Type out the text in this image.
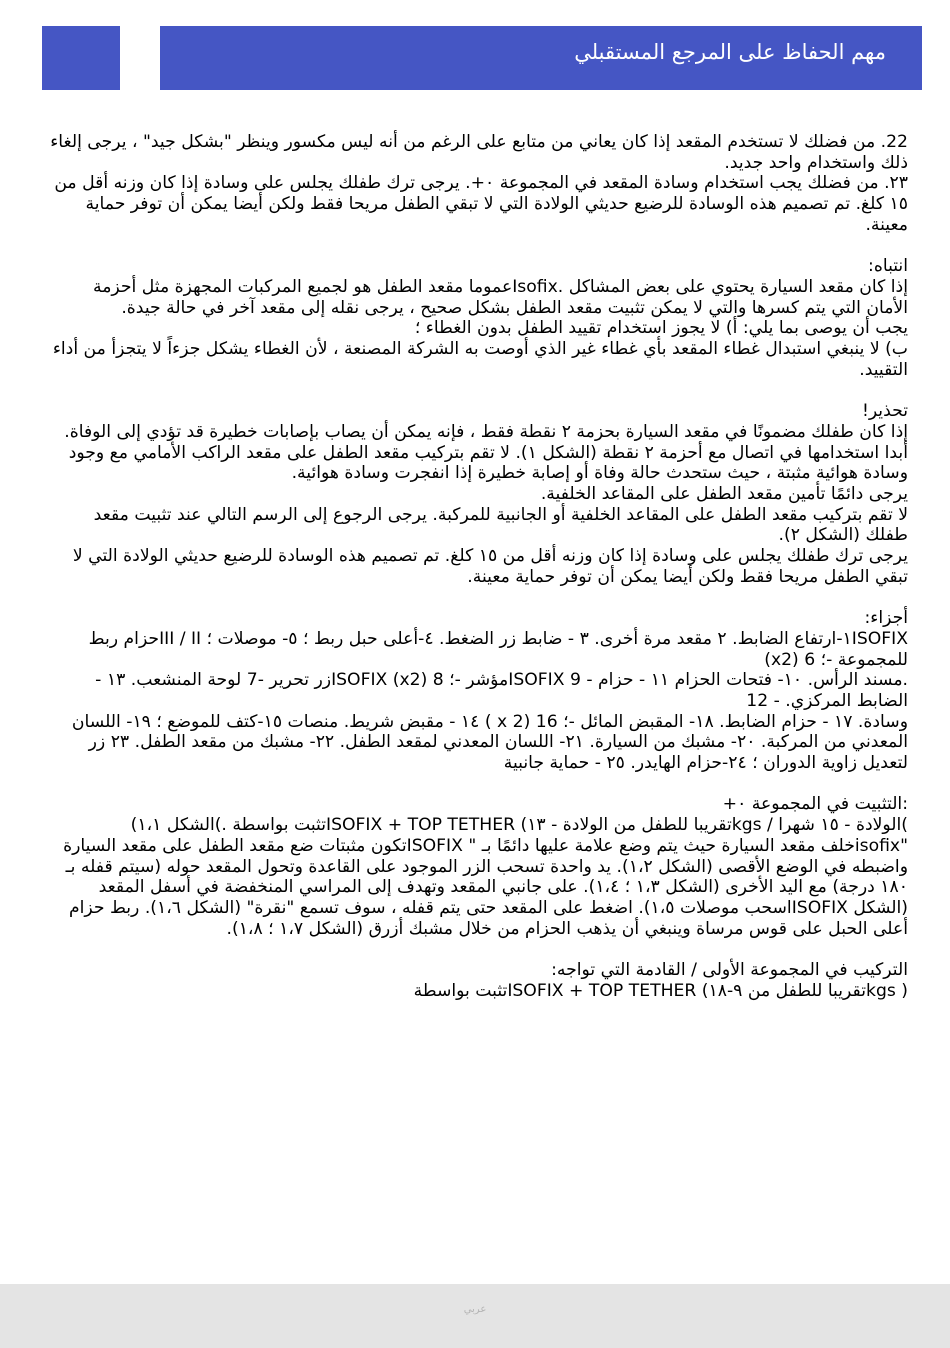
مهم الحفاظ على المرجع المستقبلي

22. من فضلك لا تستخدم المقعد إذا كان يعاني من متابع على الرغم من أنه ليس مكسور وينظر "بشكل جيد" ، يرجى إلغاء ذلك واستخدام واحد جديد.

٢٣. من فضلك يجب استخدام وسادة المقعد في المجموعة ٠+. يرجى ترك طفلك يجلس على وسادة إذا كان وزنه أقل من ١٥ كلغ. تم تصميم هذه الوسادة للرضيع حديثي الولادة التي لا تبقي الطفل مريحا فقط ولكن أيضا يمكن أن توفر حماية معينة.

انتباه:

إذا كان مقعد السيارة يحتوي على بعض المشاكل .Isofixعموما مقعد الطفل هو لجميع المركبات المجهزة مثل أحزمة الأمان التي يتم كسرها والتي لا يمكن تثبيت مقعد الطفل بشكل صحيح ، يرجى نقله إلى مقعد آخر في حالة جيدة.

يجب أن يوصى بما يلي: أ) لا يجوز استخدام تقييد الطفل بدون الغطاء ؛

ب) لا ينبغي استبدال غطاء المقعد بأي غطاء غير الذي أوصت به الشركة المصنعة ، لأن الغطاء يشكل جزءاً لا يتجزأ من أداء التقييد.

تحذير!

إذا كان طفلك مضمونًا في مقعد السيارة بحزمة ٢ نقطة فقط ، فإنه يمكن أن يصاب بإصابات خطيرة قد تؤدي إلى الوفاة.

أبدا استخدامها في اتصال مع أحزمة ٢ نقطة (الشكل ١). لا تقم بتركيب مقعد الطفل على مقعد الراكب الأمامي مع وجود وسادة هوائية مثبتة ، حيث ستحدث حالة وفاة أو إصابة خطيرة إذا انفجرت وسادة هوائية.

يرجى دائمًا تأمين مقعد الطفل على المقاعد الخلفية.

لا تقم بتركيب مقعد الطفل على المقاعد الخلفية أو الجانبية للمركبة. يرجى الرجوع إلى الرسم التالي عند تثبيت مقعد طفلك (الشكل ٢).

يرجى ترك طفلك يجلس على وسادة إذا كان وزنه أقل من ١٥ كلغ. تم تصميم هذه الوسادة للرضيع حديثي الولادة التي لا تبقي الطفل مريحا فقط ولكن أيضا يمكن أن توفر حماية معينة.

أجزاء:

١ISOFIX-ارتفاع الضابط. ٢ مقعد مرة أخرى. ٣ - ضابط زر الضغط. ٤-أعلى حبل ربط ؛ ٥- موصلات ؛ III / IIحزام ربط للمجموعة -؛ 6 (x2)

.مسند الرأس. ١٠- فتحات الحزام ١١ - حزام - ISOFIX 9مؤشر -؛ 8 (ISOFIX (x2زر تحرير -7 لوحة المنشعب. ١٣ - الضابط المركزي. - 12

وسادة. ١٧ - حزام الضابط. ١٨- المقبض المائل -؛ 16 (x 2 ) ١٤ - مقبض شريط. منصات ١٥-كتف للموضع ؛ ١٩- اللسان المعدني من المركبة. ٢٠- مشبك من السيارة. ٢١- اللسان المعدني لمقعد الطفل. ٢٢- مشبك من مقعد الطفل. ٢٣ زر لتعديل زاوية الدوران ؛ ٢٤-حزام الهايدر. ٢٥ - حماية جانبية

:التثبيت في المجموعة ٠+

)الولادة - ١٥ شهرا / kgsتقريبا للطفل من الولادة - ١٣) ISOFIX + TOP TETHERتثبت بواسطة .)الشكل ١،١) "isofixخلف مقعد السيارة حيث يتم وضع علامة عليها دائمًا بـ " ISOFIXتكون مثبتات ضع مقعد الطفل على مقعد السيارة واضبطه في الوضع الأقصى (الشكل ١،٢). يد واحدة تسحب الزر الموجود على القاعدة وتحول المقعد حوله (سيتم قفله بـ ١٨٠ درجة) مع اليد الأخرى (الشكل ١،٣ ؛ ١،٤). على جانبي المقعد وتهدف إلى المراسي المنخفضة في أسفل المقعد (الشكل ISOFIXاسحب موصلات ١،٥). اضغط على المقعد حتى يتم قفله ، سوف تسمع "نقرة" (الشكل ١،٦). ربط حزام أعلى الحبل على قوس مرساة وينبغي أن يذهب الحزام من خلال مشبك أزرق (الشكل ١،٧ ؛ ١،٨).

التركيب في المجموعة الأولى / القادمة التي تواجه:

( kgsتقريبا للطفل من ٩-١٨) ISOFIX + TOP TETHERتثبت بواسطة

عربي
